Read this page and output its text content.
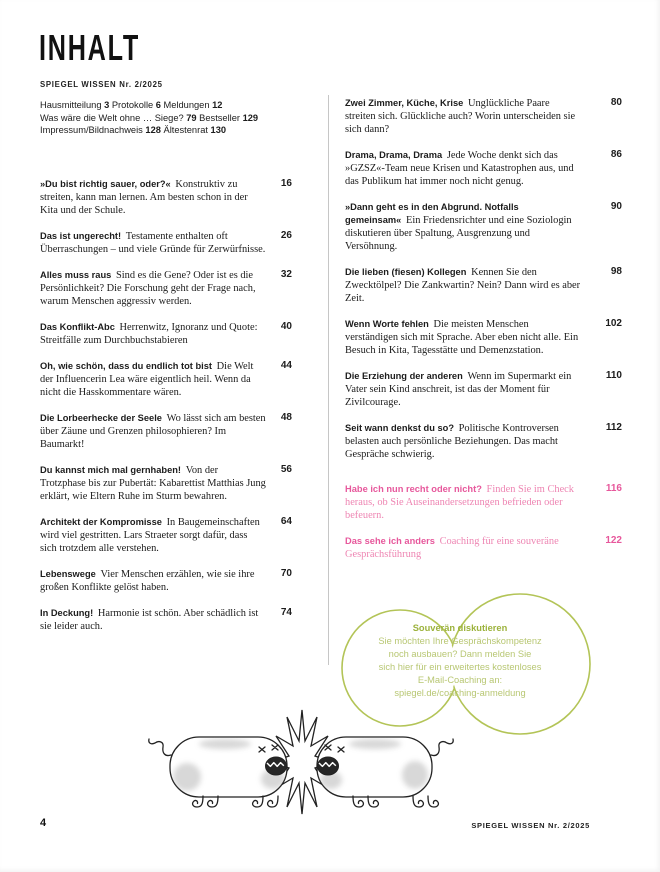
INHALT
SPIEGEL WISSEN Nr. 2/2025
Hausmitteilung 3 Protokolle 6 Meldungen 12
Was wäre die Welt ohne … Siege? 79 Bestseller 129
Impressum/Bildnachweis 128 Ältestenrat 130
»Du bist richtig sauer, oder?« Konstruktiv zu streiten, kann man lernen. Am besten schon in der Kita und der Schule.
16
Das ist ungerecht! Testamente enthalten oft Überraschungen – und viele Gründe für Zerwürfnisse.
26
Alles muss raus Sind es die Gene? Oder ist es die Persönlichkeit? Die Forschung geht der Frage nach, warum Menschen aggressiv werden.
32
Das Konflikt-Abc Herrenwitz, Ignoranz und Quote: Streitfälle zum Durchbuchstabieren
40
Oh, wie schön, dass du endlich tot bist Die Welt der Influencerin Lea wäre eigentlich heil. Wenn da nicht die Hasskommentare wären.
44
Die Lorbeerhecke der Seele Wo lässt sich am besten über Zäune und Grenzen philosophieren? Im Baumarkt!
48
Du kannst mich mal gernhaben! Von der Trotzphase bis zur Pubertät: Kabarettist Matthias Jung erklärt, wie Eltern Ruhe im Sturm bewahren.
56
Architekt der Kompromisse In Baugemeinschaften wird viel gestritten. Lars Straeter sorgt dafür, dass sich trotzdem alle verstehen.
64
Lebenswege Vier Menschen erzählen, wie sie ihre großen Konflikte gelöst haben.
70
In Deckung! Harmonie ist schön. Aber schädlich ist sie leider auch.
74
Zwei Zimmer, Küche, Krise Unglückliche Paare streiten sich. Glückliche auch? Worin unterscheiden sie sich dann?
80
Drama, Drama, Drama Jede Woche denkt sich das »GZSZ«-Team neue Krisen und Katastrophen aus, und das Publikum hat immer noch nicht genug.
86
»Dann geht es in den Abgrund. Notfalls gemeinsam« Ein Friedensrichter und eine Soziologin diskutieren über Spaltung, Ausgrenzung und Versöhnung.
90
Die lieben (fiesen) Kollegen Kennen Sie den Zwecktölpel? Die Zankwartin? Nein? Dann wird es aber Zeit.
98
Wenn Worte fehlen Die meisten Menschen verständigen sich mit Sprache. Aber eben nicht alle. Ein Besuch in Kita, Tagesstätte und Demenzstation.
102
Die Erziehung der anderen Wenn im Supermarkt ein Vater sein Kind anschreit, ist das der Moment für Zivilcourage.
110
Seit wann denkst du so? Politische Kontroversen belasten auch persönliche Beziehungen. Das macht Gespräche schwierig.
112
Habe ich nun recht oder nicht? Finden Sie im Check heraus, ob Sie Auseinandersetzungen befrieden oder befeuern.
116
Das sehe ich anders Coaching für eine souveräne Gesprächsführung
122
Souverän diskutieren
Sie möchten Ihre Gesprächskompetenz
noch ausbauen? Dann melden Sie
sich hier für ein erweitertes kostenloses
E-Mail-Coaching an:
spiegel.de/coaching-anmeldung
4	SPIEGEL WISSEN Nr. 2/2025
